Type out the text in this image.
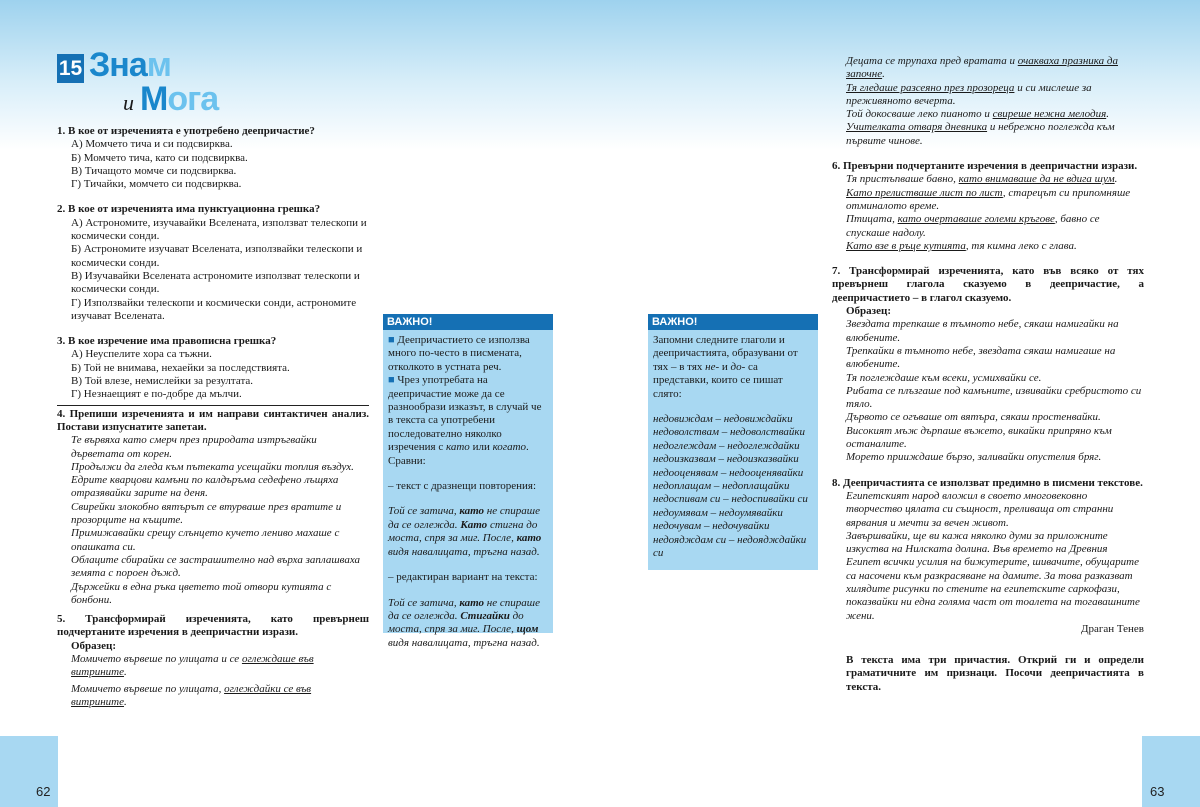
15 Знам
и Мога

1. В кое от изреченията е употребено деепричастие?

А) Момчето тича и си подсвирква.

Б) Момчето тича, като си подсвирква.

В) Тичащото момче си подсвирква.

Г) Тичайки, момчето си подсвирква.

2. В кое от изреченията има пунктуационна грешка?

А) Астрономите, изучавайки Вселената, използват телескопи и космически сонди.

Б) Астрономите изучават Вселената, използвайки телескопи и космически сонди.

В) Изучавайки Вселената астрономите използват телескопи и космически сонди.

Г) Използвайки телескопи и космически сонди, астрономите изучават Вселената.

3. В кое изречение има правописна грешка?

А) Неуспелите хора са тъжни.

Б) Той не внимава, нехаейки за последствията.

В) Той влезе, немислейки за резултата.

Г) Незнаещият е по-добре да мълчи.

4. Препиши изреченията и им направи синтактичен анализ. Постави изпуснатите запетаи.

Те вървяха като смерч през природата изтръгвайки дърветата от корен.

Продължи да гледа към пътеката усещайки топлия въздух.

Едрите кварцови камъни по калдъръма седефено лъщяха отразявайки зарите на деня.

Свирейки злокобно вятърът се втурваше през вратите и прозорците на къщите.

Примижавайки срещу слънцето кучето лениво махаше с опашката си.

Облаците сбирайки се застрашително над върха заплашваха земята с пороен дъжд.

Държейки в една ръка цветето той отвори кутията с бонбони.

5. Трансформирай изреченията, като превърнеш подчертаните изречения в деепричастни изрази.

Образец:

Момичето вървеше по улицата и се оглеждаше във витрините.

Момичето вървеше по улицата, оглеждайки се във витрините.

ВАЖНО!

■ Деепричастието се използва много по-често в писмената, отколкото в устната реч.

■ Чрез употребата на деепричастие може да се разнообрази изказът, в случай че в текста са употребени последователно няколко изречения с като или когато. Сравни:

– текст с дразнещи повторения:

Той се затича, като не спираше да се оглежда. Като стигна до моста, спря за миг. После, като видя навалицата, тръгна назад.

– редактиран вариант на текста:

Той се затича, като не спираше да се оглежда. Стигайки до моста, спря за миг. После, щом видя навалицата, тръгна назад.

ВАЖНО!

Запомни следните глаголи и деепричастията, образувани от тях – в тях не- и до- са представки, които се пишат слято:

недовиждам – недовиждайки

недоволствам – недоволствайки

недоглеждам – недоглеждайки

недоизказвам – недоизказвайки

недооценявам – недооценявайки

недоплащам – недоплащайки

недоспивам си – недоспивайки си

недоумявам – недоумявайки

недочувам – недочувайки

недоядждам си – недоядждайки си

Децата се трупаха пред вратата и очакваха празника да започне.

Тя гледаше разсеяно през прозореца и си мислеше за преживяното вечерта.

Той докосваше леко пианото и свиреше нежна мелодия.

Учителката отваря дневника и небрежно поглежда към първите чинове.

6. Превърни подчертаните изречения в деепричастни изрази.

Тя пристъпваше бавно, като внимаваше да не вдига шум.

Като прелистваше лист по лист, старецът си припомняше отминалото време.

Птицата, като очертаваше големи кръгове, бавно се спускаше надолу.

Като взе в ръце кутията, тя кимна леко с глава.

7. Трансформирай изреченията, като във всяко от тях превърнеш глагола сказуемо в деепричастие, а деепричастието – в глагол сказуемо.

Образец:

Звездата трепкаше в тъмното небе, сякаш намигайки на влюбените.

Трепкайки в тъмното небе, звездата сякаш намигаше на влюбените.

Тя поглеждаше към всеки, усмихвайки се.

Рибата се плъзгаше под камъните, извивайки сребристото си тяло.

Дървото се огъваше от вятъра, сякаш простенвайки.

Високият мъж дърпаше въжето, викайки припряно към останалите.

Морето прииждаше бързо, заливайки опустелия бряг.

8. Деепричастията се използват предимно в писмени текстове.

Египетският народ вложил в своето многовековно творчество цялата си същност, преливаща от странни вярвания и мечти за вечен живот.

Завършвайки, ще ви кажа няколко думи за приложните изкуства на Нилската долина. Във времето на Древния Египет всички усилия на бижутерите, шивачите, обущарите са насочени към разкрасяване на дамите. За това разказват хилядите рисунки по стените на египетските саркофази, показвайки ни една голяма част от тоалета на тогавашните жени.

Драган Тенев

В текста има три причастия. Открий ги и определи граматичните им признаци. Посочи деепричастията в текста.

62	63
